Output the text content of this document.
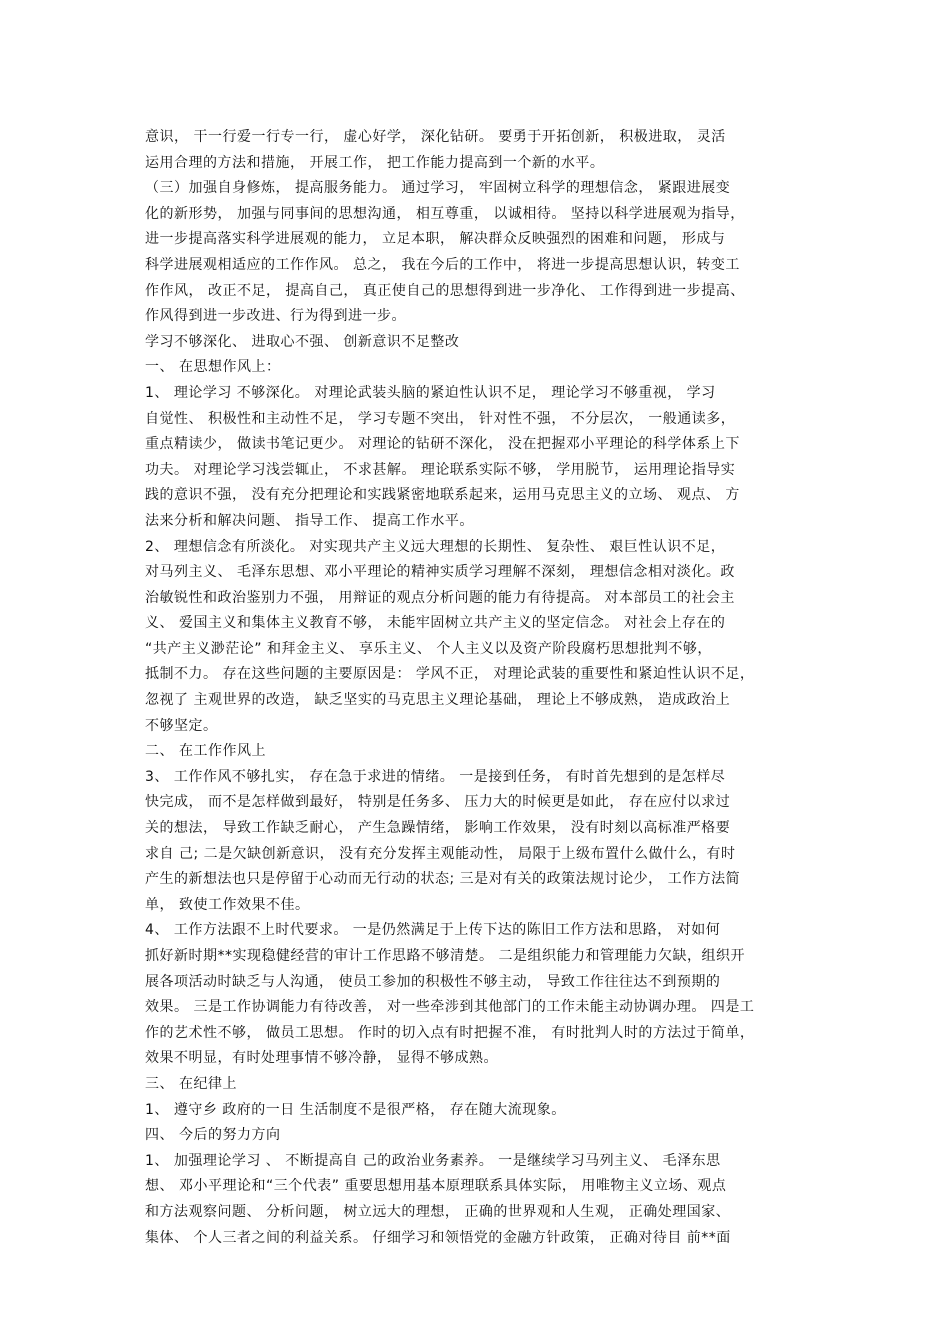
意识， 干一行爱一行专一行， 虚心好学， 深化钻研。 要勇于开拓创新， 积极进取， 灵活
运用合理的方法和措施， 开展工作， 把工作能力提高到一个新的水平。
（三）加强自身修炼， 提高服务能力。 通过学习， 牢固树立科学的理想信念， 紧跟进展变
化的新形势， 加强与同事间的思想沟通， 相互尊重， 以诚相待。 坚持以科学进展观为指导，
进一步提高落实科学进展观的能力， 立足本职， 解决群众反映强烈的困难和问题， 形成与
科学进展观相适应的工作作风。 总之， 我在今后的工作中， 将进一步提高思想认识，转变工
作作风， 改正不足， 提高自己， 真正使自己的思想得到进一步净化、 工作得到进一步提高、
作风得到进一步改进、行为得到进一步。
学习不够深化、 进取心不强、 创新意识不足整改
一、 在思想作风上：
1、 理论学习 不够深化。 对理论武装头脑的紧迫性认识不足， 理论学习不够重视， 学习
自觉性、 积极性和主动性不足， 学习专题不突出， 针对性不强， 不分层次， 一般通读多，
重点精读少， 做读书笔记更少。 对理论的钻研不深化， 没在把握邓小平理论的科学体系上下
功夫。 对理论学习浅尝辄止， 不求甚解。 理论联系实际不够， 学用脱节， 运用理论指导实
践的意识不强， 没有充分把理论和实践紧密地联系起来，运用马克思主义的立场、 观点、 方
法来分析和解决问题、 指导工作、 提高工作水平。
2、 理想信念有所淡化。 对实现共产主义远大理想的长期性、 复杂性、 艰巨性认识不足，
对马列主义、 毛泽东思想、邓小平理论的精神实质学习理解不深刻， 理想信念相对淡化。政
治敏锐性和政治鉴别力不强， 用辩证的观点分析问题的能力有待提高。 对本部员工的社会主
义、 爱国主义和集体主义教育不够， 未能牢固树立共产主义的坚定信念。 对社会上存在的
“共产主义渺茫论” 和拜金主义、 享乐主义、 个人主义以及资产阶段腐朽思想批判不够，
抵制不力。 存在这些问题的主要原因是： 学风不正， 对理论武装的重要性和紧迫性认识不足，
忽视了 主观世界的改造， 缺乏坚实的马克思主义理论基础， 理论上不够成熟， 造成政治上
不够坚定。
二、 在工作作风上
3、 工作作风不够扎实， 存在急于求进的情绪。 一是接到任务， 有时首先想到的是怎样尽
快完成， 而不是怎样做到最好， 特别是任务多、 压力大的时候更是如此， 存在应付以求过
关的想法， 导致工作缺乏耐心， 产生急躁情绪， 影响工作效果， 没有时刻以高标准严格要
求自 己; 二是欠缺创新意识， 没有充分发挥主观能动性， 局限于上级布置什么做什么，有时
产生的新想法也只是停留于心动而无行动的状态; 三是对有关的政策法规讨论少， 工作方法简
单， 致使工作效果不佳。
4、 工作方法跟不上时代要求。 一是仍然满足于上传下达的陈旧工作方法和思路， 对如何
抓好新时期**实现稳健经营的审计工作思路不够清楚。 二是组织能力和管理能力欠缺，组织开
展各项活动时缺乏与人沟通， 使员工参加的积极性不够主动， 导致工作往往达不到预期的
效果。 三是工作协调能力有待改善， 对一些牵涉到其他部门的工作未能主动协调办理。 四是工
作的艺术性不够， 做员工思想。 作时的切入点有时把握不准， 有时批判人时的方法过于简单，
效果不明显，有时处理事情不够冷静， 显得不够成熟。
三、 在纪律上
1、 遵守乡 政府的一日 生活制度不是很严格， 存在随大流现象。
四、 今后的努力方向
1、 加强理论学习 、 不断提高自 己的政治业务素养。 一是继续学习马列主义、 毛泽东思
想、 邓小平理论和“三个代表” 重要思想用基本原理联系具体实际， 用唯物主义立场、观点
和方法观察问题、 分析问题， 树立远大的理想， 正确的世界观和人生观， 正确处理国家、
集体、 个人三者之间的利益关系。 仔细学习和领悟党的金融方针政策， 正确对待目 前**面
